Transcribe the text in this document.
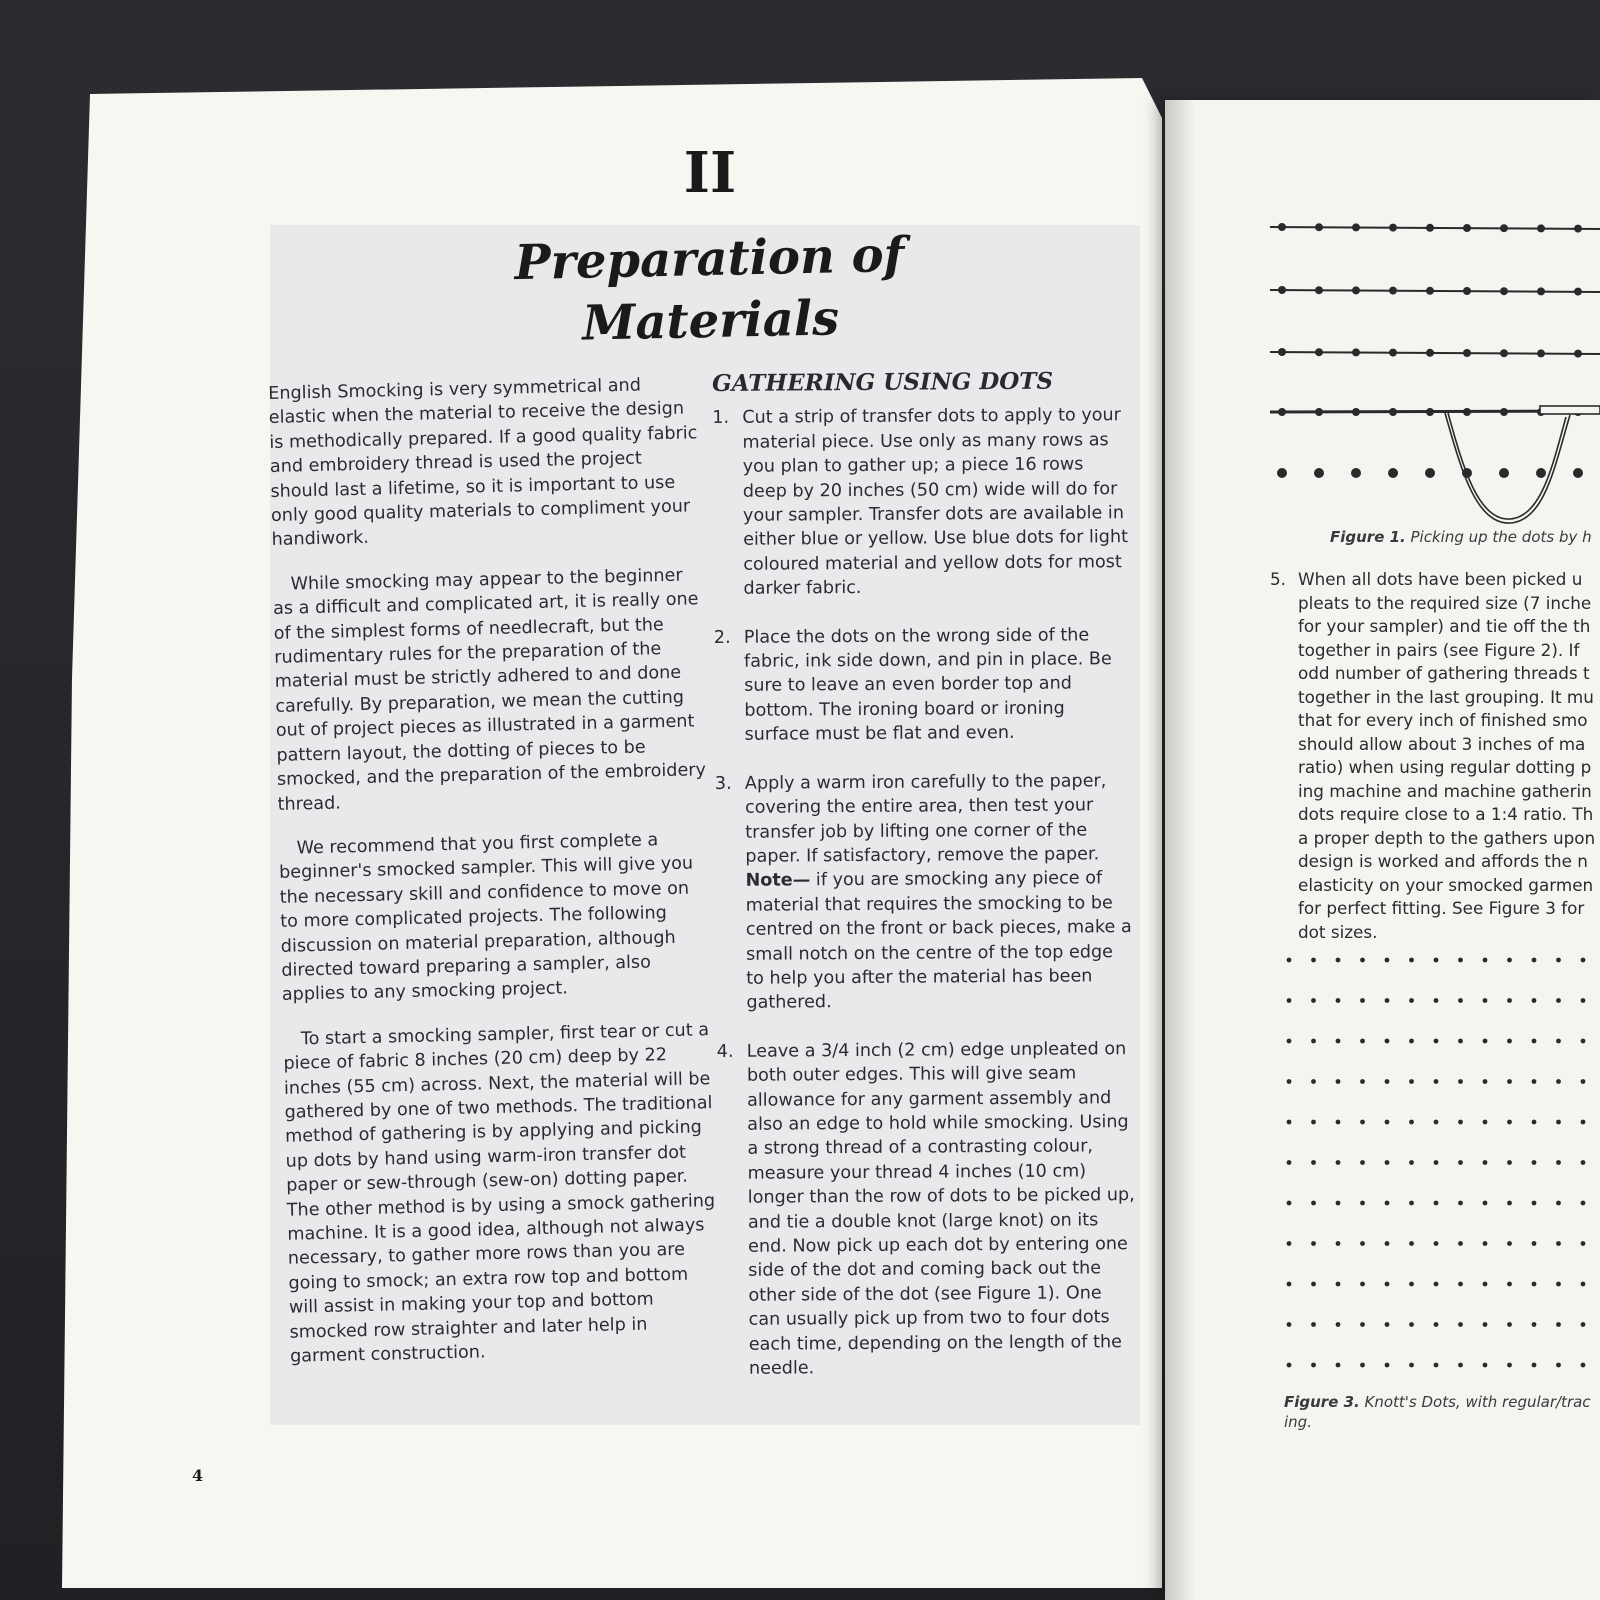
II
Preparation of
Materials

English Smocking is very symmetrical and elastic when the material to receive the design is methodically prepared. If a good quality fabric and embroidery thread is used the project should last a lifetime, so it is important to use only good quality materials to compliment your handiwork.

While smocking may appear to the beginner as a difficult and complicated art, it is really one of the simplest forms of needlecraft, but the rudimentary rules for the preparation of the material must be strictly adhered to and done carefully. By preparation, we mean the cutting out of project pieces as illustrated in a garment pattern layout, the dotting of pieces to be smocked, and the preparation of the embroidery thread.

We recommend that you first complete a beginner's smocked sampler. This will give you the necessary skill and confidence to move on to more complicated projects. The following discussion on material preparation, although directed toward preparing a sampler, also applies to any smocking project.

To start a smocking sampler, first tear or cut a piece of fabric 8 inches (20 cm) deep by 22 inches (55 cm) across. Next, the material will be gathered by one of two methods. The traditional method of gathering is by applying and picking up dots by hand using warm-iron transfer dot paper or sew-through (sew-on) dotting paper. The other method is by using a smock gathering machine. It is a good idea, although not always necessary, to gather more rows than you are going to smock; an extra row top and bottom will assist in making your top and bottom smocked row straighter and later help in garment construction.

GATHERING USING DOTS
1. Cut a strip of transfer dots to apply to your material piece. Use only as many rows as you plan to gather up; a piece 16 rows deep by 20 inches (50 cm) wide will do for your sampler. Transfer dots are available in either blue or yellow. Use blue dots for light coloured material and yellow dots for most darker fabric.
2. Place the dots on the wrong side of the fabric, ink side down, and pin in place. Be sure to leave an even border top and bottom. The ironing board or ironing surface must be flat and even.
3. Apply a warm iron carefully to the paper, covering the entire area, then test your transfer job by lifting one corner of the paper. If satisfactory, remove the paper. Note— if you are smocking any piece of material that requires the smocking to be centred on the front or back pieces, make a small notch on the centre of the top edge to help you after the material has been gathered.
4. Leave a 3/4 inch (2 cm) edge unpleated on both outer edges. This will give seam allowance for any garment assembly and also an edge to hold while smocking. Using a strong thread of a contrasting colour, measure your thread 4 inches (10 cm) longer than the row of dots to be picked up, and tie a double knot (large knot) on its end. Now pick up each dot by entering one side of the dot and coming back out the other side of the dot (see Figure 1). One can usually pick up from two to four dots each time, depending on the length of the needle.
4
Figure 1. Picking up the dots by h
5. When all dots have been picked u
pleats to the required size (7 inche
for your sampler) and tie off the th
together in pairs (see Figure 2). If
odd number of gathering threads t
together in the last grouping. It mu
that for every inch of finished smo
should allow about 3 inches of ma
ratio) when using regular dotting p
ing machine and machine gatherin
dots require close to a 1:4 ratio. Th
a proper depth to the gathers upon
design is worked and affords the n
elasticity on your smocked garmen
for perfect fitting. See Figure 3 for
dot sizes.
Figure 3. Knott's Dots, with regular/trac
ing.
